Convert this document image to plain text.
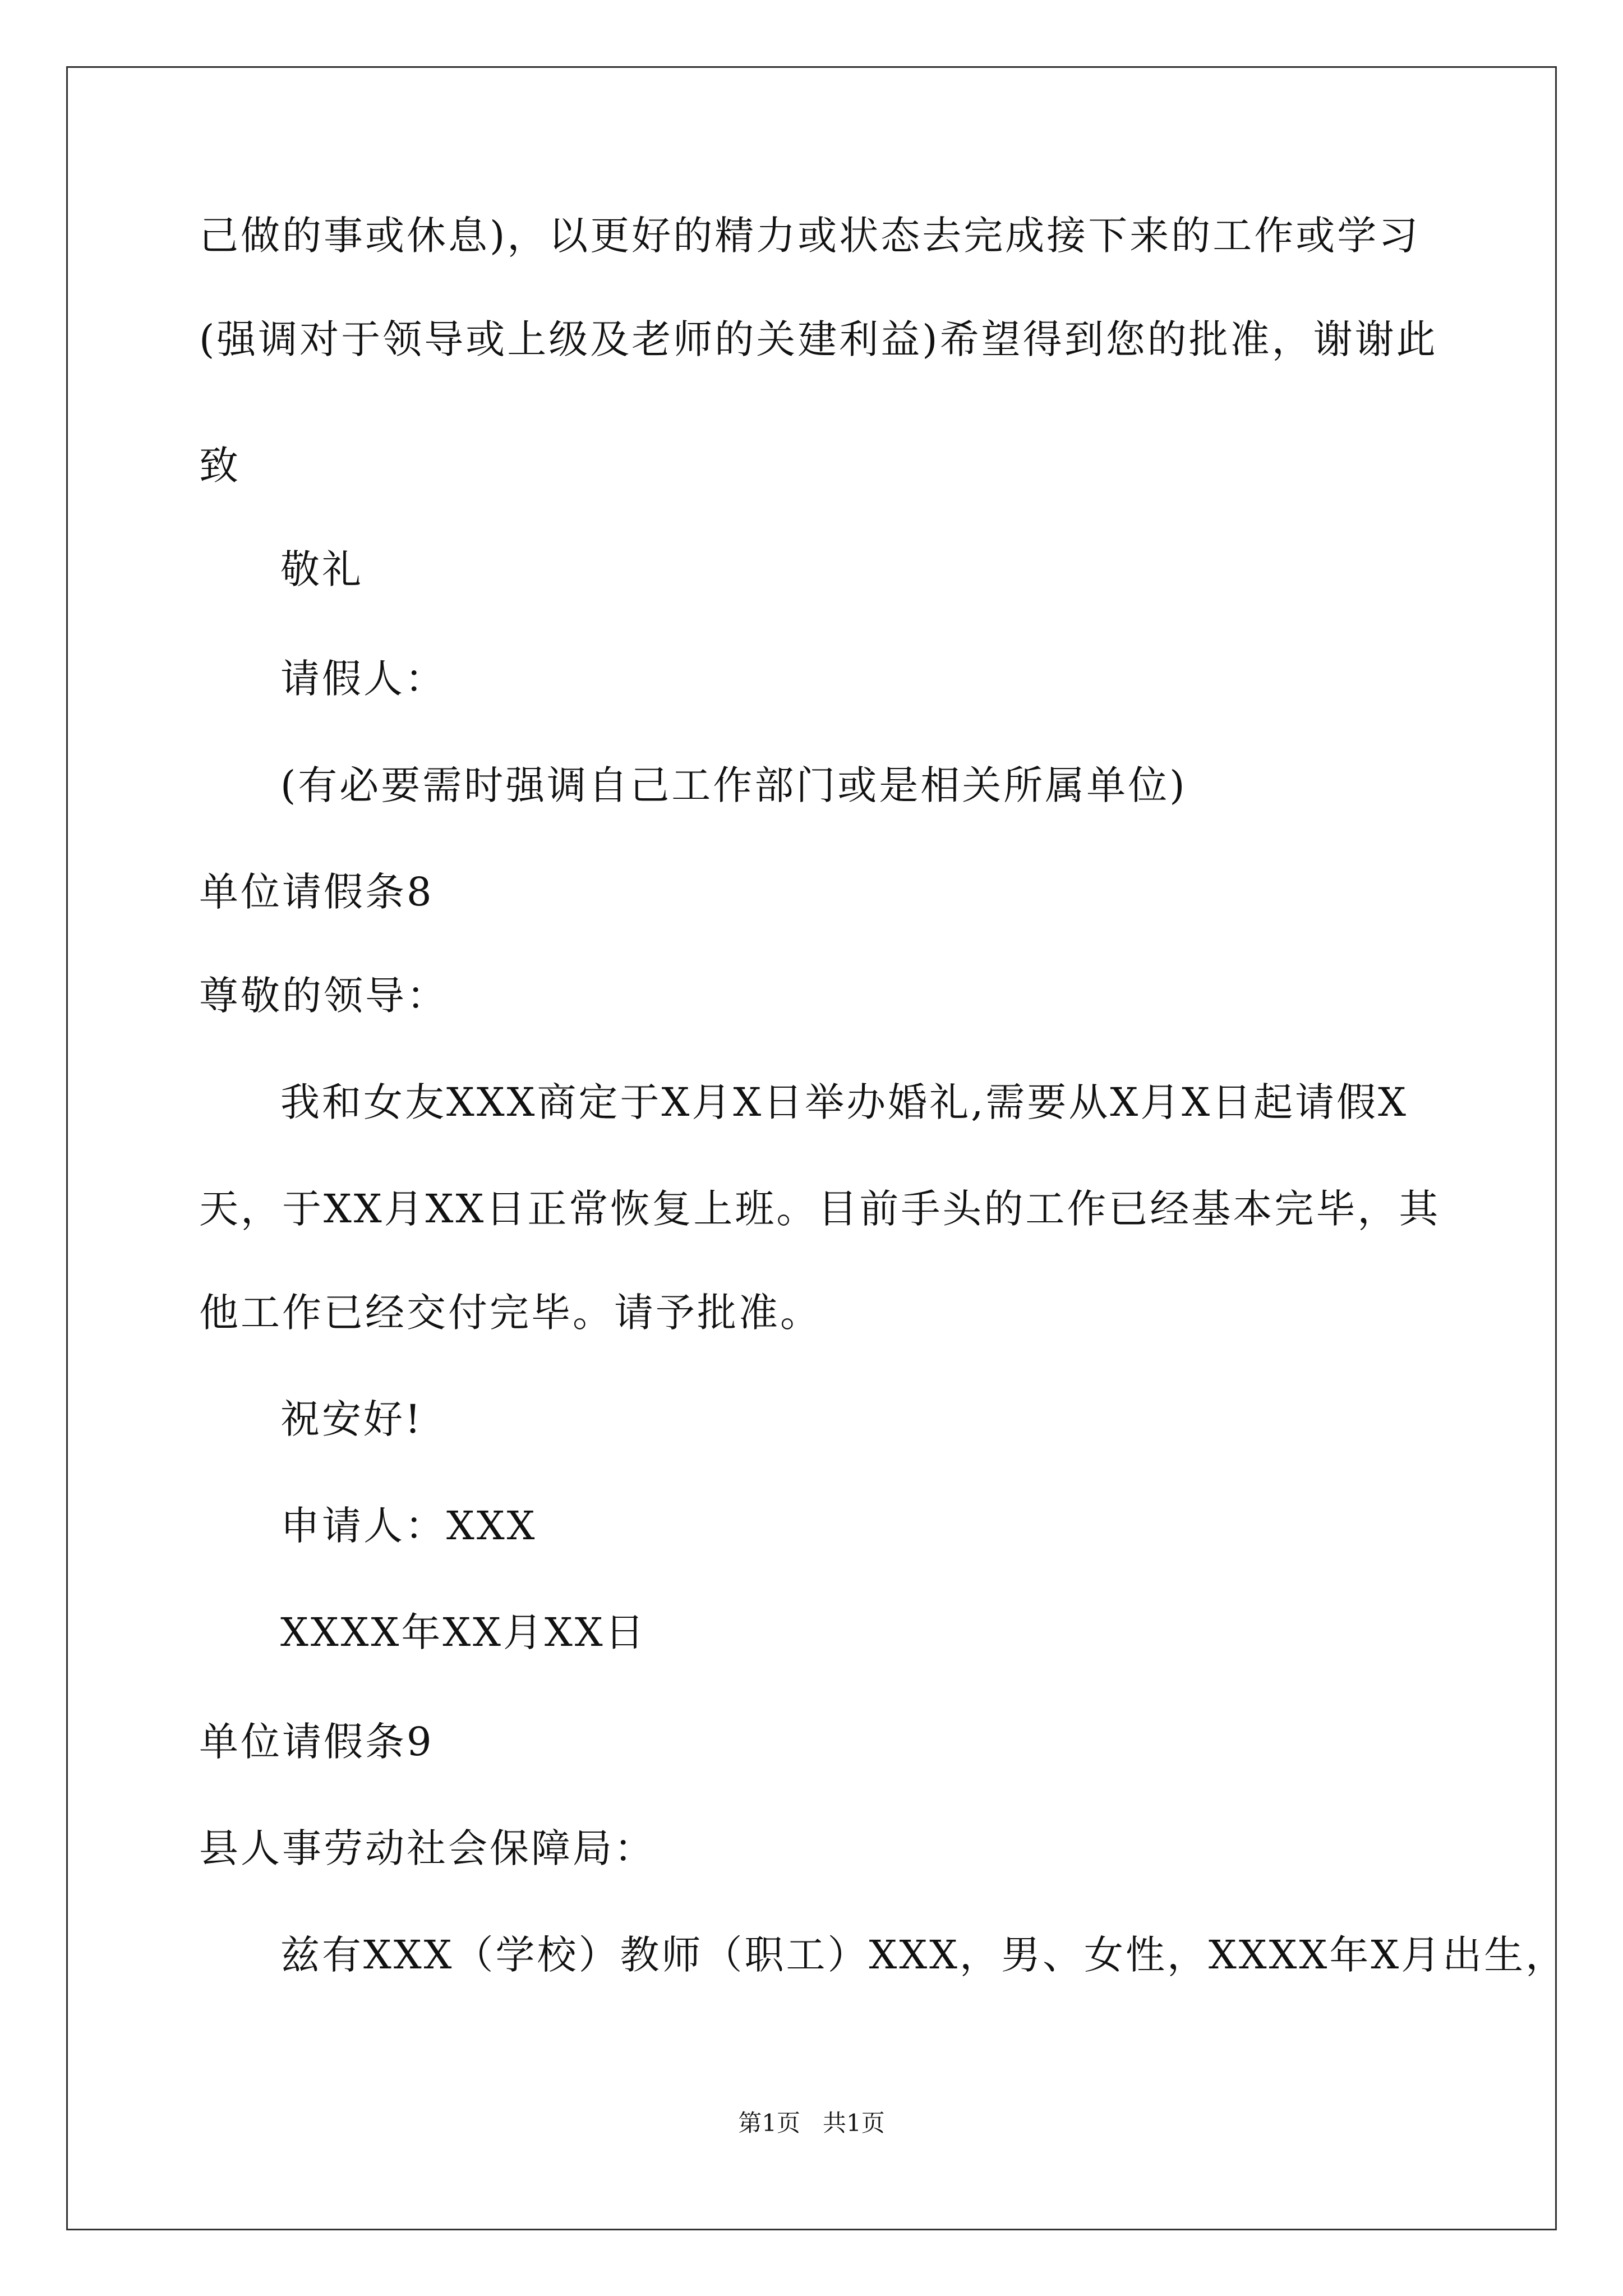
己做的事或休息)，以更好的精力或状态去完成接下来的工作或学习
(强调对于领导或上级及老师的关建利益)希望得到您的批准，谢谢此
致
敬礼
请假人：
(有必要需时强调自己工作部门或是相关所属单位)
单位请假条8
尊敬的领导：
我和女友XXX商定于X月X日举办婚礼,需要从X月X日起请假X
天，于XX月XX日正常恢复上班。目前手头的工作已经基本完毕，其
他工作已经交付完毕。请予批准。
祝安好!
申请人：XXX
XXXX年XX月XX日
单位请假条9
县人事劳动社会保障局：
兹有XXX（学校）教师（职工）XXX，男、女性，XXXX年X月出生，
第1页   共1页
